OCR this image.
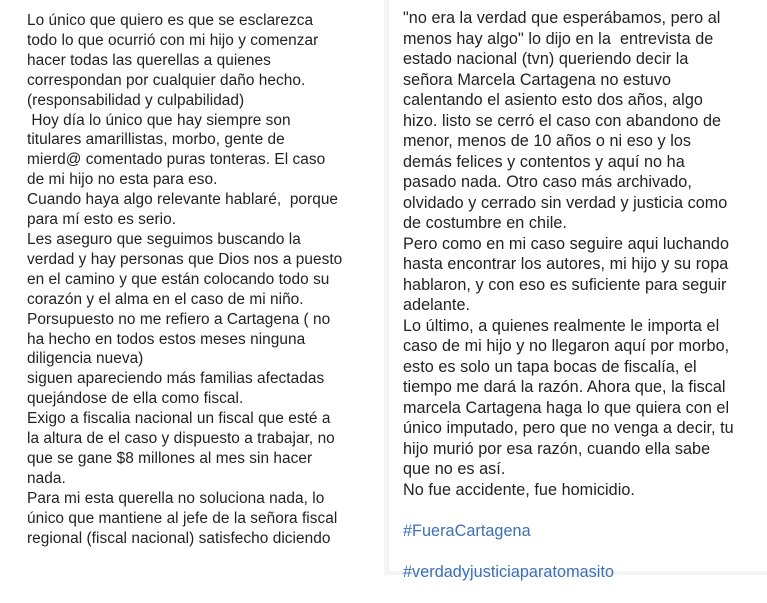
Lo único que quiero es que se esclarezca
todo lo que ocurrió con mi hijo y comenzar
hacer todas las querellas a quienes
correspondan por cualquier daño hecho.
(responsabilidad y culpabilidad)
Hoy día lo único que hay siempre son
titulares amarillistas, morbo, gente de
mierd@ comentado puras tonteras. El caso
de mi hijo no esta para eso.
Cuando haya algo relevante hablaré,  porque
para mí esto es serio.
Les aseguro que seguimos buscando la
verdad y hay personas que Dios nos a puesto
en el camino y que están colocando todo su
corazón y el alma en el caso de mi niño.
Porsupuesto no me refiero a Cartagena ( no
ha hecho en todos estos meses ninguna
diligencia nueva)
siguen apareciendo más familias afectadas
quejándose de ella como fiscal.
Exigo a fiscalia nacional un fiscal que esté a
la altura de el caso y dispuesto a trabajar, no
que se gane $8 millones al mes sin hacer
nada.
Para mi esta querella no soluciona nada, lo
único que mantiene al jefe de la señora fiscal
regional (fiscal nacional) satisfecho diciendo
"no era la verdad que esperábamos, pero al
menos hay algo" lo dijo en la  entrevista de
estado nacional (tvn) queriendo decir la
señora Marcela Cartagena no estuvo
calentando el asiento esto dos años, algo
hizo. listo se cerró el caso con abandono de
menor, menos de 10 años o ni eso y los
demás felices y contentos y aquí no ha
pasado nada. Otro caso más archivado,
olvidado y cerrado sin verdad y justicia como
de costumbre en chile.
Pero como en mi caso seguire aqui luchando
hasta encontrar los autores, mi hijo y su ropa
hablaron, y con eso es suficiente para seguir
adelante.
Lo último, a quienes realmente le importa el
caso de mi hijo y no llegaron aquí por morbo,
esto es solo un tapa bocas de fiscalía, el
tiempo me dará la razón. Ahora que, la fiscal
marcela Cartagena haga lo que quiera con el
único imputado, pero que no venga a decir, tu
hijo murió por esa razón, cuando ella sabe
que no es así.
No fue accidente, fue homicidio.

#FueraCartagena

#verdadyjusticiaparatomasito
